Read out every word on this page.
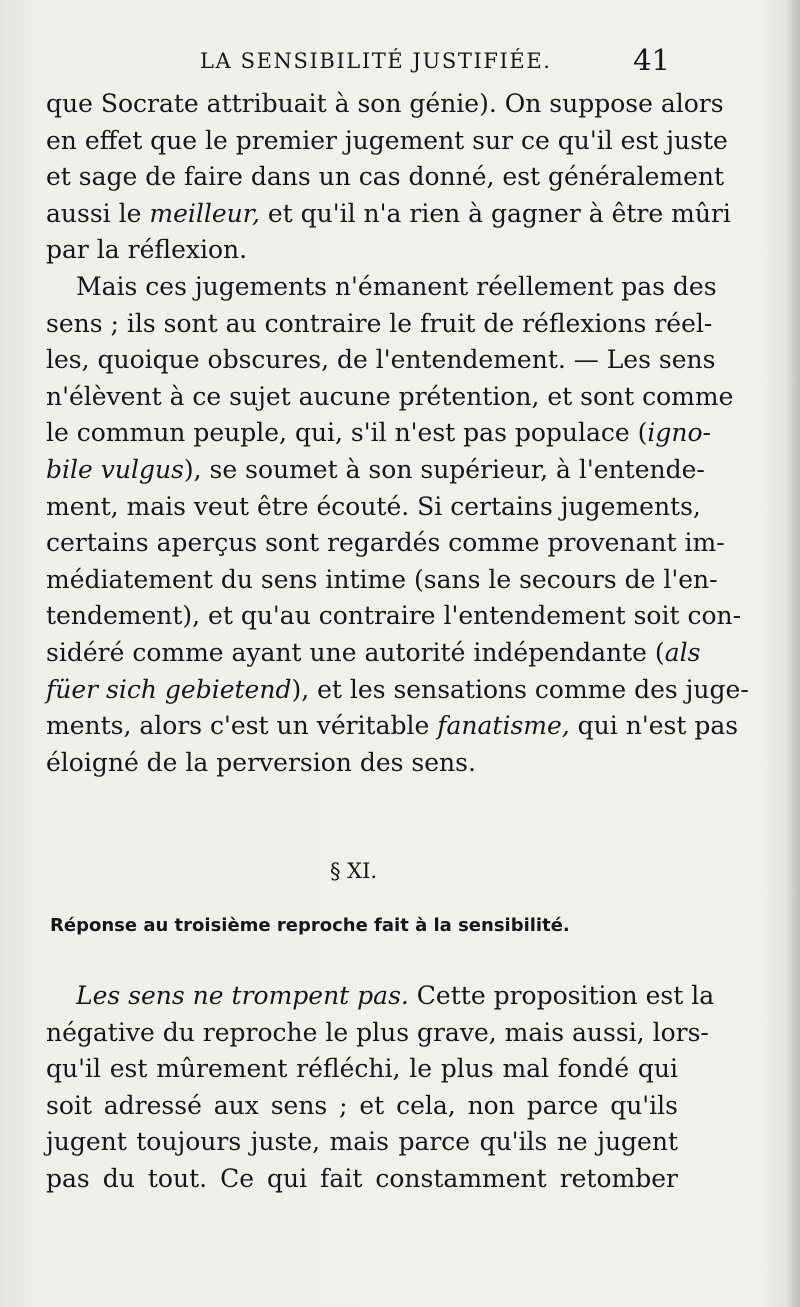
LA SENSIBILITÉ JUSTIFIÉE.	41
que Socrate attribuait à son génie). On suppose alors
en effet que le premier jugement sur ce qu'il est juste
et sage de faire dans un cas donné, est généralement
aussi le meilleur, et qu'il n'a rien à gagner à être mûri
par la réflexion.
Mais ces jugements n'émanent réellement pas des
sens ; ils sont au contraire le fruit de réflexions réel-
les, quoique obscures, de l'entendement. — Les sens
n'élèvent à ce sujet aucune prétention, et sont comme
le commun peuple, qui, s'il n'est pas populace (igno-
bile vulgus), se soumet à son supérieur, à l'entende-
ment, mais veut être écouté. Si certains jugements,
certains aperçus sont regardés comme provenant im-
médiatement du sens intime (sans le secours de l'en-
tendement), et qu'au contraire l'entendement soit con-
sidéré comme ayant une autorité indépendante (als
füer sich gebietend), et les sensations comme des juge-
ments, alors c'est un véritable fanatisme, qui n'est pas
éloigné de la perversion des sens.
§ XI.
Réponse au troisième reproche fait à la sensibilité.
Les sens ne trompent pas. Cette proposition est la
négative du reproche le plus grave, mais aussi, lors-
qu'il est mûrement réfléchi, le plus mal fondé qui
soit adressé aux sens ; et cela, non parce qu'ils
jugent toujours juste, mais parce qu'ils ne jugent
pas du tout. Ce qui fait constamment retomber
